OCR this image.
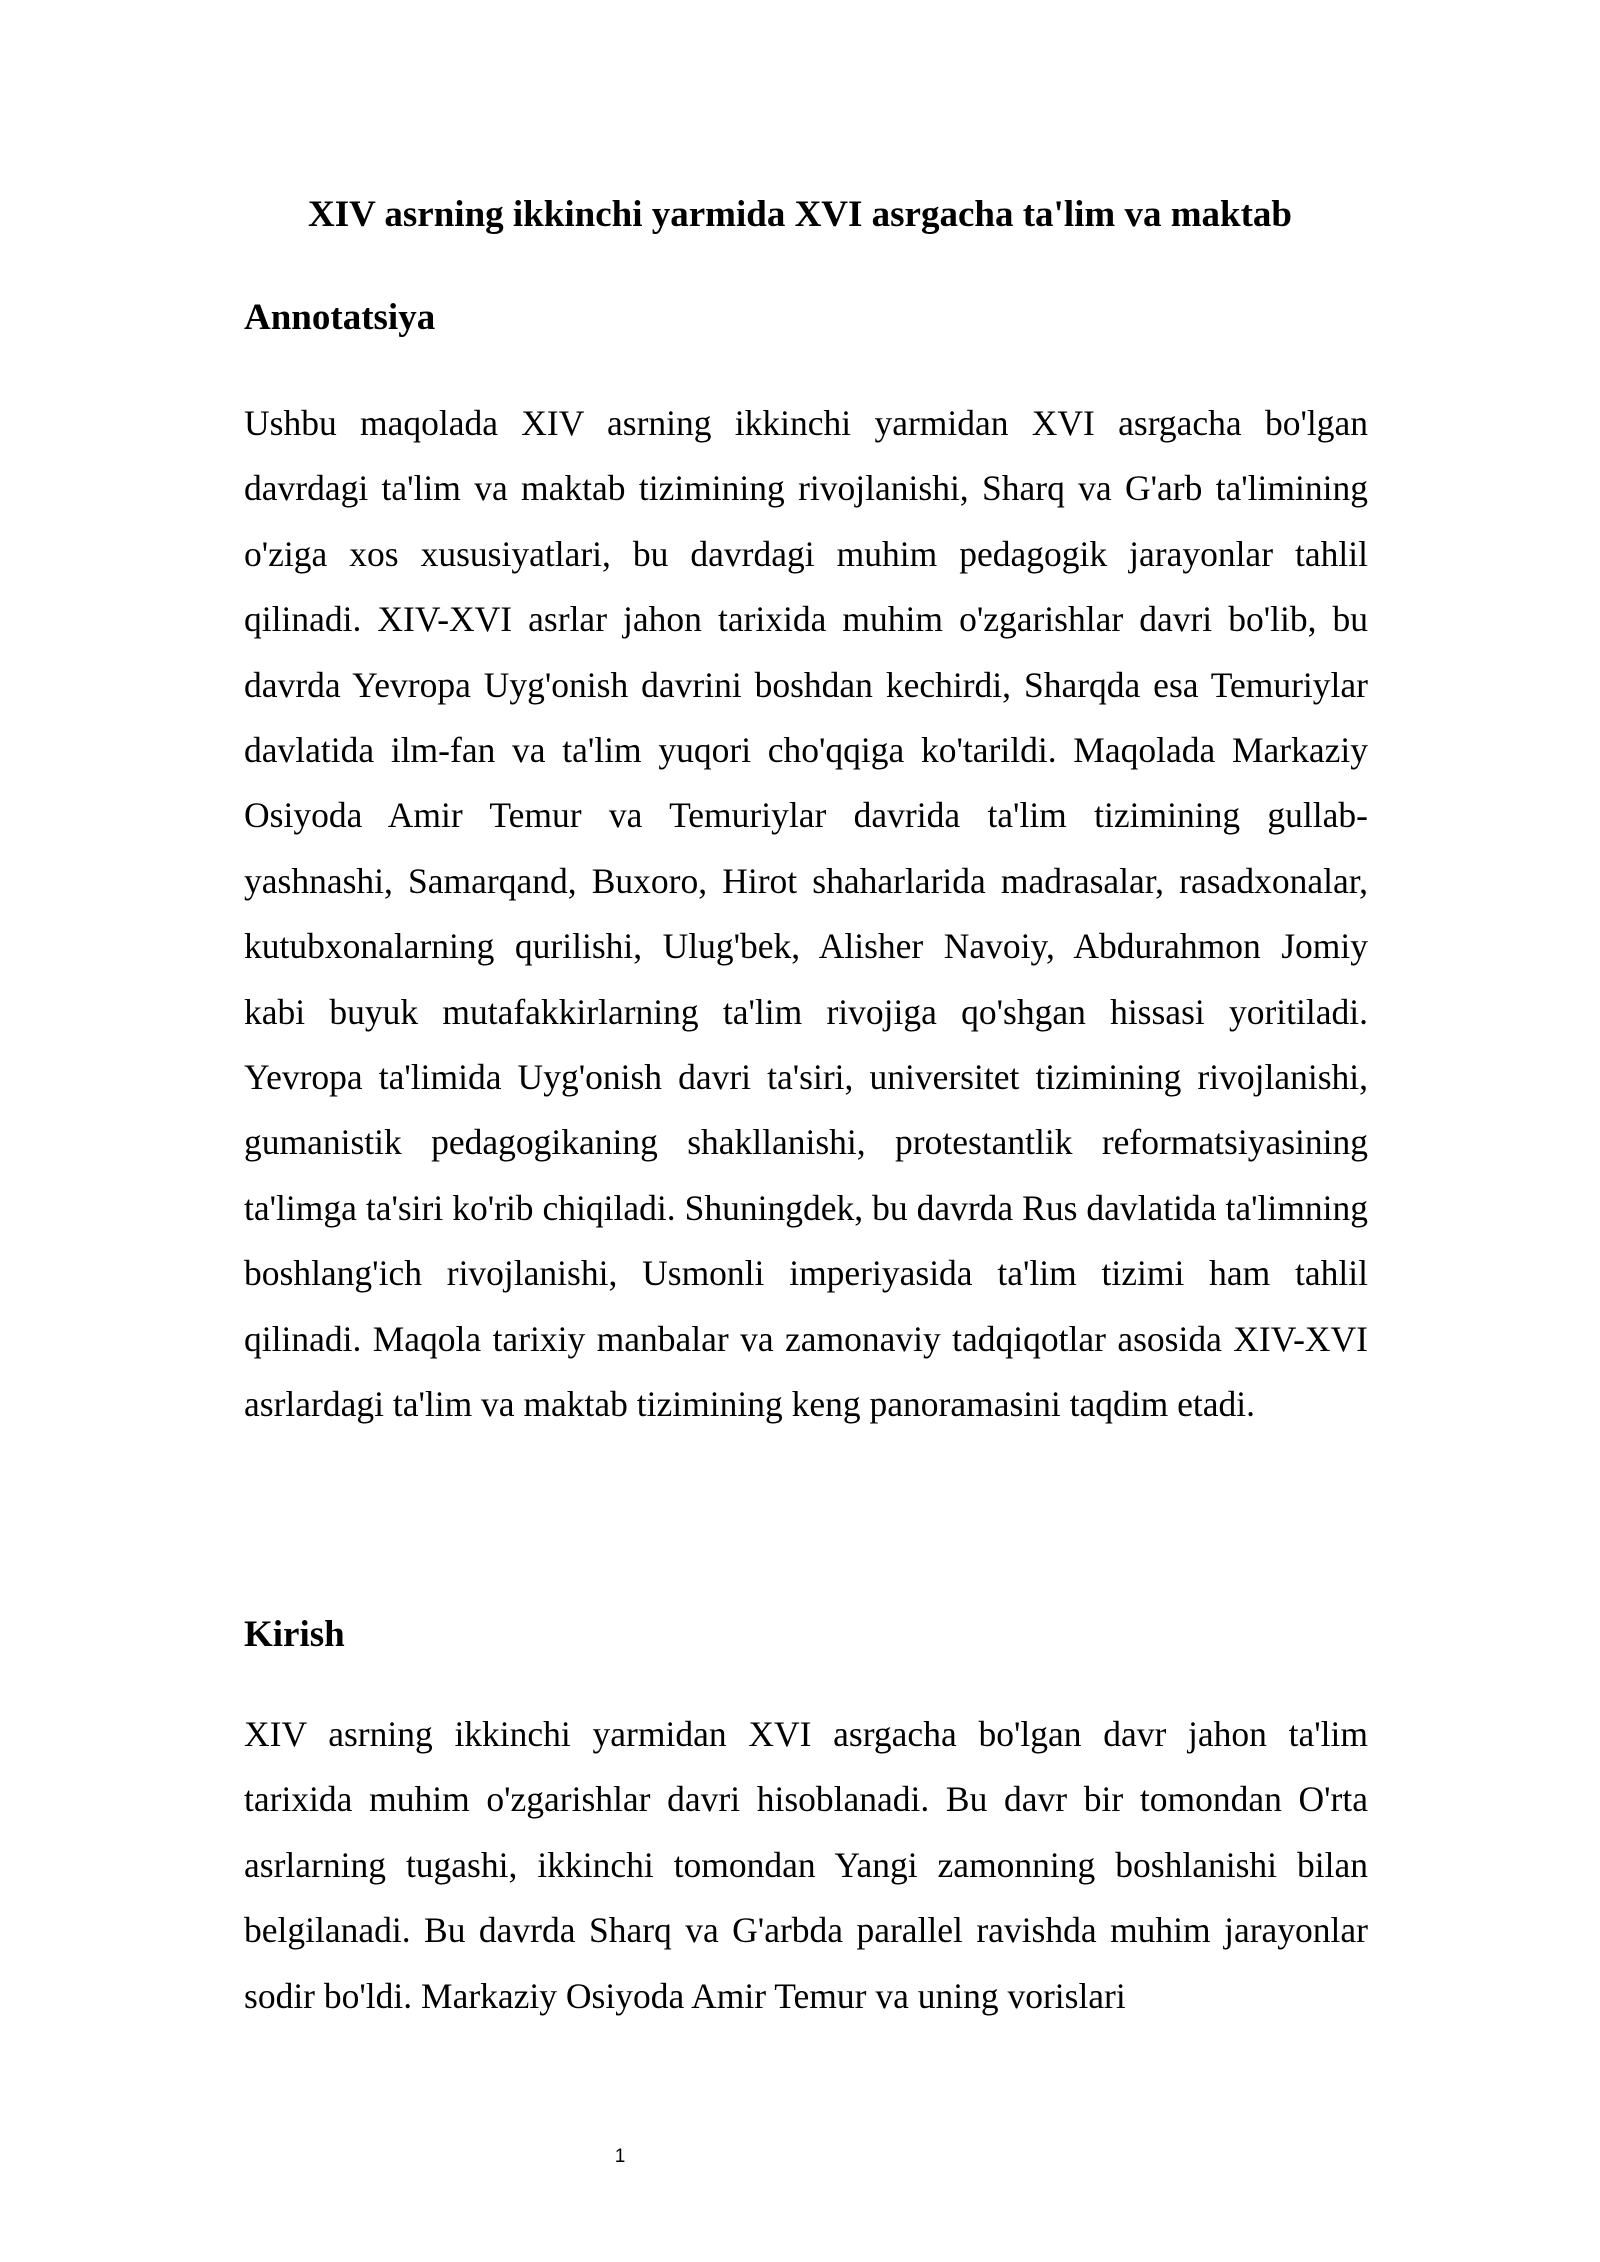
XIV asrning ikkinchi yarmida XVI asrgacha ta'lim va maktab
Annotatsiya

Ushbu maqolada XIV asrning ikkinchi yarmidan XVI asrgacha bo'lgan davrdagi ta'lim va maktab tizimining rivojlanishi, Sharq va G'arb ta'limining o'ziga xos xususiyatlari, bu davrdagi muhim pedagogik jarayonlar tahlil qilinadi. XIV-XVI asrlar jahon tarixida muhim o'zgarishlar davri bo'lib, bu davrda Yevropa Uyg'onish davrini boshdan kechirdi, Sharqda esa Temuriylar davlatida ilm-fan va ta'lim yuqori cho'qqiga ko'tarildi. Maqolada Markaziy Osiyoda Amir Temur va Temuriylar davrida ta'lim tizimining gullab-yashnashi, Samarqand, Buxoro, Hirot shaharlarida madrasalar, rasadxonalar, kutubxonalarning qurilishi, Ulug'bek, Alisher Navoiy, Abdurahmon Jomiy kabi buyuk mutafakkirlarning ta'lim rivojiga qo'shgan hissasi yoritiladi. Yevropa ta'limida Uyg'onish davri ta'siri, universitet tizimining rivojlanishi, gumanistik pedagogikaning shakllanishi, protestantlik reformatsiyasining ta'limga ta'siri ko'rib chiqiladi. Shuningdek, bu davrda Rus davlatida ta'limning boshlang'ich rivojlanishi, Usmonli imperiyasida ta'lim tizimi ham tahlil qilinadi. Maqola tarixiy manbalar va zamonaviy tadqiqotlar asosida XIV-XVI asrlardagi ta'lim va maktab tizimining keng panoramasini taqdim etadi.

Kirish

XIV asrning ikkinchi yarmidan XVI asrgacha bo'lgan davr jahon ta'lim tarixida muhim o'zgarishlar davri hisoblanadi. Bu davr bir tomondan O'rta asrlarning tugashi, ikkinchi tomondan Yangi zamonning boshlanishi bilan belgilanadi. Bu davrda Sharq va G'arbda parallel ravishda muhim jarayonlar sodir bo'ldi. Markaziy Osiyoda Amir Temur va uning vorislari

1
